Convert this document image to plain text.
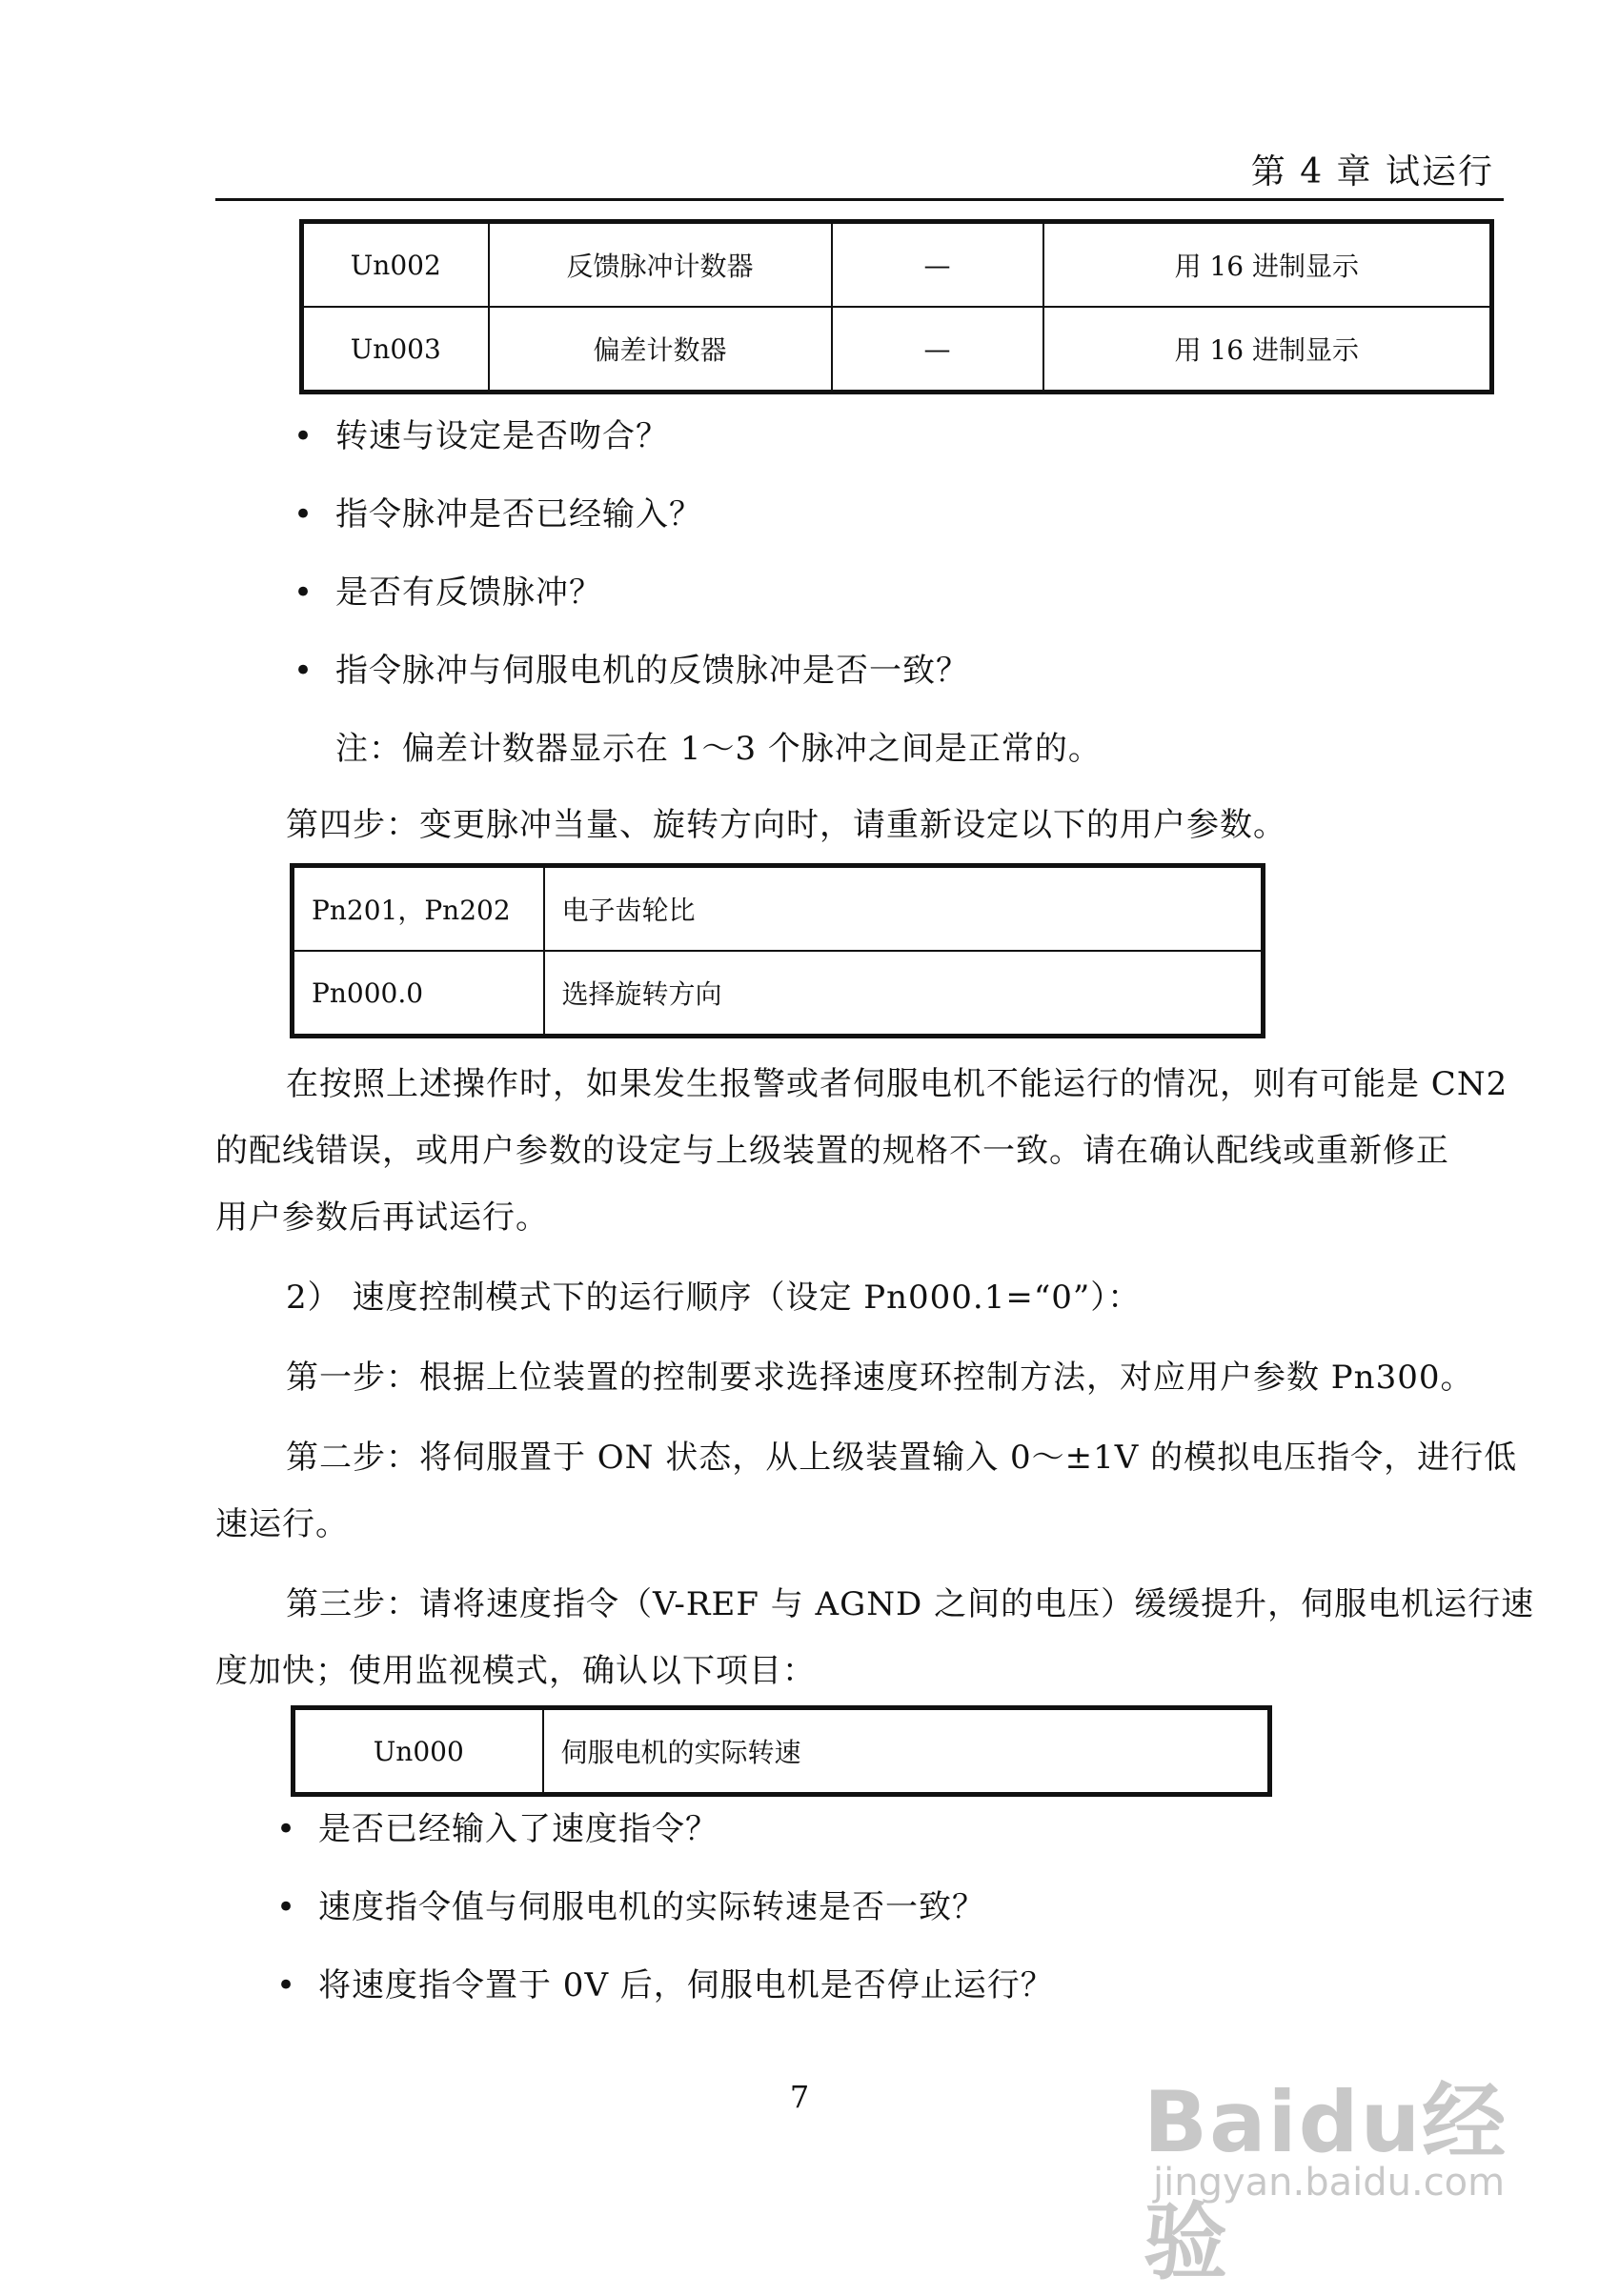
第 4 章 试运行
Un002	反馈脉冲计数器	—	用 16 进制显示
Un003	偏差计数器	—	用 16 进制显示
• 转速与设定是否吻合？
• 指令脉冲是否已经输入？
• 是否有反馈脉冲？
• 指令脉冲与伺服电机的反馈脉冲是否一致？
注：偏差计数器显示在 1～3 个脉冲之间是正常的。
第四步：变更脉冲当量、旋转方向时，请重新设定以下的用户参数。
Pn201，Pn202	电子齿轮比
Pn000.0	选择旋转方向
在按照上述操作时，如果发生报警或者伺服电机不能运行的情况，则有可能是 CN2
的配线错误，或用户参数的设定与上级装置的规格不一致。请在确认配线或重新修正
用户参数后再试运行。
2） 速度控制模式下的运行顺序（设定 Pn000.1=“0”）：
第一步：根据上位装置的控制要求选择速度环控制方法，对应用户参数 Pn300。
第二步：将伺服置于 ON 状态，从上级装置输入 0～±1V 的模拟电压指令，进行低
速运行。
第三步：请将速度指令（V-REF 与 AGND 之间的电压）缓缓提升，伺服电机运行速
度加快；使用监视模式，确认以下项目：
Un000	伺服电机的实际转速
• 是否已经输入了速度指令？
• 速度指令值与伺服电机的实际转速是否一致？
• 将速度指令置于 0V 后，伺服电机是否停止运行？
7	Baidu经验
jingyan.baidu.com
